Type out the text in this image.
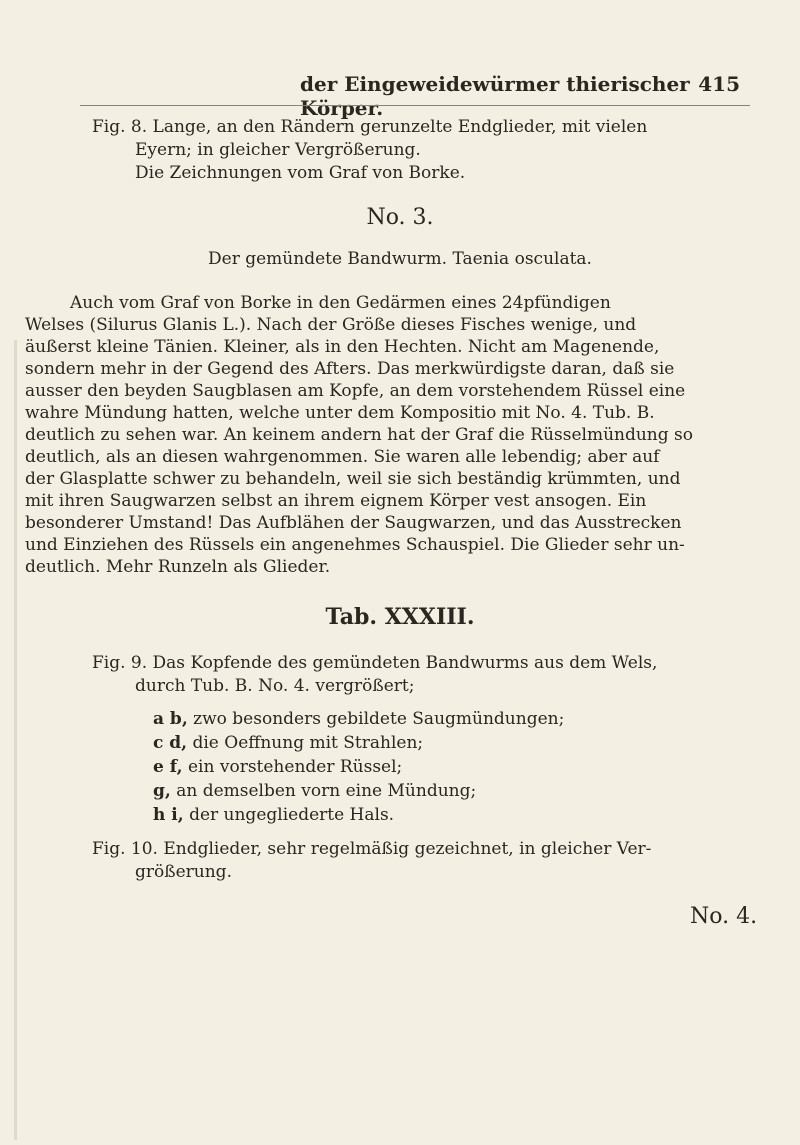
der Eingeweidewürmer thierischer Körper.
415
Fig. 8. Lange, an den Rändern gerunzelte Endglieder, mit vielen
Eyern; in gleicher Vergrößerung.
Die Zeichnungen vom Graf von Borke.
No. 3.
Der gemündete Bandwurm. Taenia osculata.
Auch vom Graf von Borke in den Gedärmen eines 24pfündigen
Welses (Silurus Glanis L.). Nach der Größe dieses Fisches wenige, und
äußerst kleine Tänien. Kleiner, als in den Hechten. Nicht am Magenende,
sondern mehr in der Gegend des Afters. Das merkwürdigste daran, daß sie
ausser den beyden Saugblasen am Kopfe, an dem vorstehendem Rüssel eine
wahre Mündung hatten, welche unter dem Kompositio mit No. 4. Tub. B.
deutlich zu sehen war. An keinem andern hat der Graf die Rüsselmündung so
deutlich, als an diesen wahrgenommen. Sie waren alle lebendig; aber auf
der Glasplatte schwer zu behandeln, weil sie sich beständig krümmten, und
mit ihren Saugwarzen selbst an ihrem eignem Körper vest ansogen. Ein
besonderer Umstand! Das Aufblähen der Saugwarzen, und das Ausstrecken
und Einziehen des Rüssels ein angenehmes Schauspiel. Die Glieder sehr un-
deutlich. Mehr Runzeln als Glieder.
Tab. XXXIII.
Fig. 9. Das Kopfende des gemündeten Bandwurms aus dem Wels,
durch Tub. B. No. 4. vergrößert;
a b, zwo besonders gebildete Saugmündungen;
c d, die Oeffnung mit Strahlen;
e f, ein vorstehender Rüssel;
g, an demselben vorn eine Mündung;
h i, der ungegliederte Hals.
Fig. 10. Endglieder, sehr regelmäßig gezeichnet, in gleicher Ver-
größerung.
No. 4.
